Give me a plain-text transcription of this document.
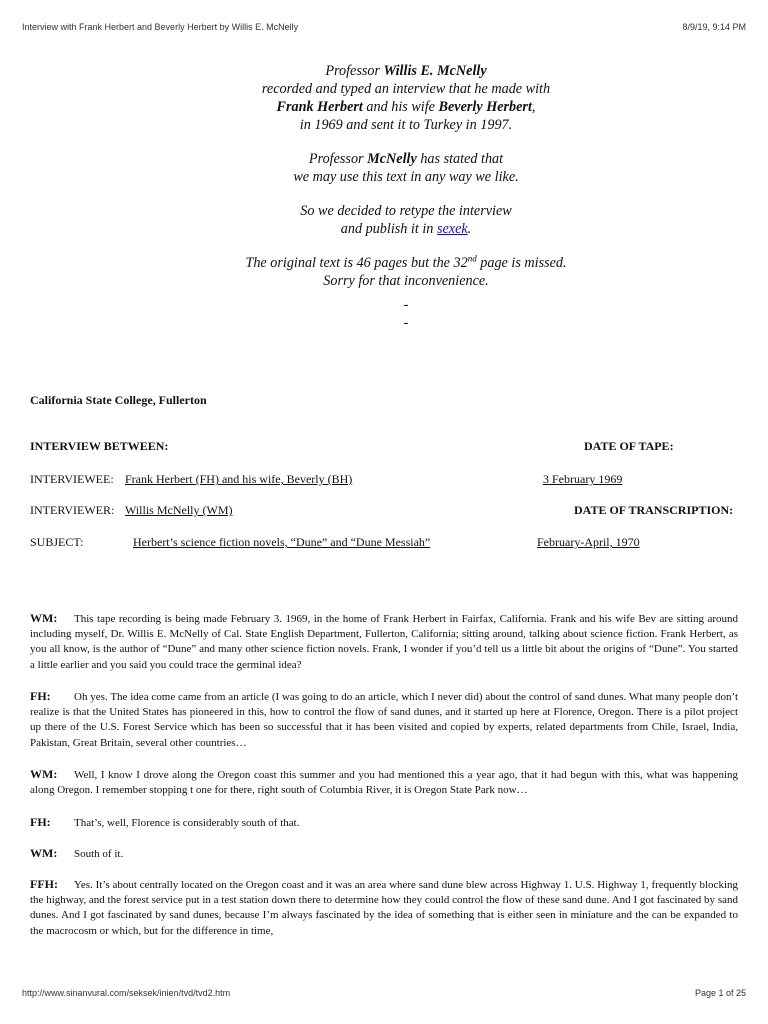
Interview with Frank Herbert and Beverly Herbert by Willis E. McNelly	8/9/19, 9:14 PM

Professor Willis E. McNelly

recorded and typed an interview that he made with

Frank Herbert and his wife Beverly Herbert,

in 1969 and sent it to Turkey in 1997.

Professor McNelly has stated that

we may use this text in any way we like.

So we decided to retype the interview

and publish it in sexek.

The original text is 46 pages but the 32nd page is missed.

Sorry for that inconvenience.

-

-

California State College, Fullerton
INTERVIEW BETWEEN:	DATE OF TAPE:
INTERVIEWEE: Frank Herbert (FH) and his wife, Beverly (BH)	3 February 1969
INTERVIEWER: Willis McNelly (WM)	DATE OF TRANSCRIPTION:
SUBJECT:	Herbert’s science fiction novels, “Dune” and “Dune Messiah”	February-April, 1970
WM: This tape recording is being made February 3. 1969, in the home of Frank Herbert in Fairfax, California. Frank and his wife Bev are sitting around including myself, Dr. Willis E. McNelly of Cal. State English Department, Fullerton, California; sitting around, talking about science fiction. Frank Herbert, as you all know, is the author of “Dune” and many other science fiction novels. Frank, I wonder if you’d tell us a little bit about the origins of “Dune”. You started a little earlier and you said you could trace the germinal idea?
FH: Oh yes. The idea come came from an article (I was going to do an article, which I never did) about the control of sand dunes. What many people don’t realize is that the United States has pioneered in this, how to control the flow of sand dunes, and it started up here at Florence, Oregon. There is a pilot project up there of the U.S. Forest Service which has been so successful that it has been visited and copied by experts, related departments from Chile, Israel, India, Pakistan, Great Britain, several other countries…
WM: Well, I know I drove along the Oregon coast this summer and you had mentioned this a year ago, that it had begun with this, what was happening along Oregon. I remember stopping t one for there, right south of Columbia River, it is Oregon State Park now…
FH: That’s, well, Florence is considerably south of that.
WM: South of it.
FFH: Yes. It’s about centrally located on the Oregon coast and it was an area where sand dune blew across Highway 1. U.S. Highway 1, frequently blocking the highway, and the forest service put in a test station down there to determine how they could control the flow of these sand dune. And I got fascinated by sand dunes. And I got fascinated by sand dunes, because I’m always fascinated by the idea of something that is either seen in miniature and the can be expanded to the macrocosm or which, but for the difference in time,
http://www.sinanvural.com/seksek/inien/tvd/tvd2.htm	Page 1 of 25
